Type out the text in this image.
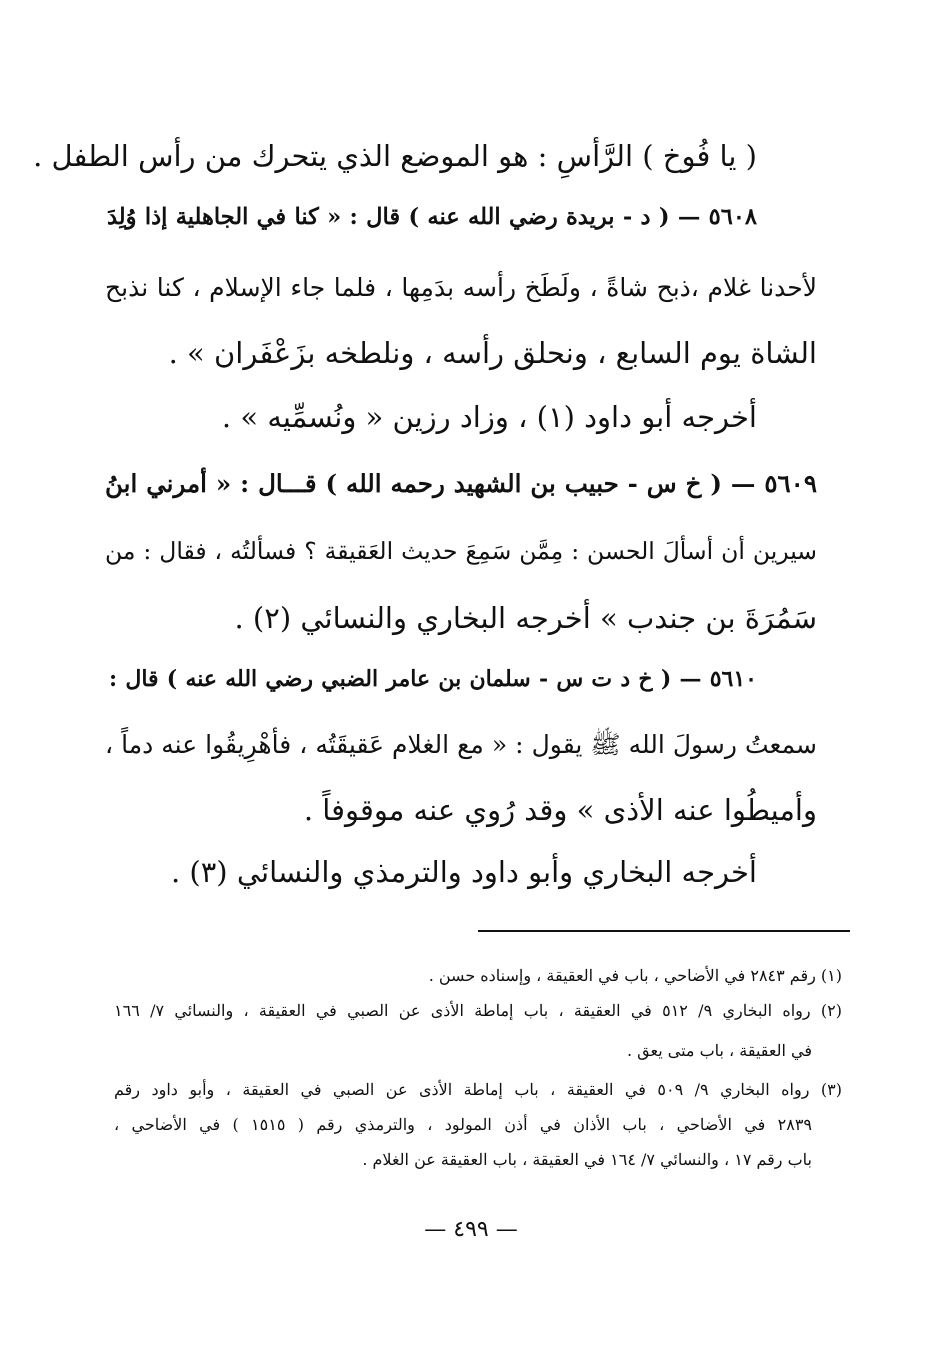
( يا فُوخ ) الرَّأسِ : هو الموضع الذي يتحرك من رأس الطفل .
٥٦٠٨ — ( د - بريدة رضي الله عنه ) قال : « كنا في الجاهلية إذا وُلِدَ
لأحدنا غلام ،ذبح شاةً ، ولَطَخ رأسه بدَمِها ، فلما جاء الإسلام ، كنا نذبح
الشاة يوم السابع ، ونحلق رأسه ، ونلطخه بزَعْفَران » .
أخرجه أبو داود (١) ، وزاد رزين « ونُسمِّيه » .
٥٦٠٩ — ( خ س - حبيب بن الشهيد رحمه الله ) قـــال : « أمرني ابنُ
سيرين أن أسألَ الحسن : مِمَّن سَمِعَ حديث العَقيقة ؟ فسألتُه ، فقال : من
سَمُرَةَ بن جندب » أخرجه البخاري والنسائي (٢) .
٥٦١٠ — ( خ د ت س - سلمان بن عامر الضبي رضي الله عنه ) قال :
سمعتُ رسولَ الله ﷺ يقول : « مع الغلام عَقيقَتُه ، فأهْرِيقُوا عنه دماً ،
وأميطُوا عنه الأذى » وقد رُوي عنه موقوفاً .
أخرجه البخاري وأبو داود والترمذي والنسائي (٣) .
(١) رقم ٢٨٤٣ في الأضاحي ، باب في العقيقة ، وإسناده حسن .
(٢) رواه البخاري ٩/ ٥١٢ في العقيقة ، باب إماطة الأذى عن الصبي في العقيقة ، والنسائي ٧/ ١٦٦
في العقيقة ، باب متى يعق .
(٣) رواه البخاري ٩/ ٥٠٩ في العقيقة ، باب إماطة الأذى عن الصبي في العقيقة ، وأبو داود رقم
٢٨٣٩ في الأضاحي ، باب الأذان في أذن المولود ، والترمذي رقم ( ١٥١٥ ) في الأضاحي ،
باب رقم ١٧ ، والنسائي ٧/ ١٦٤ في العقيقة ، باب العقيقة عن الغلام .
— ٤٩٩ —
